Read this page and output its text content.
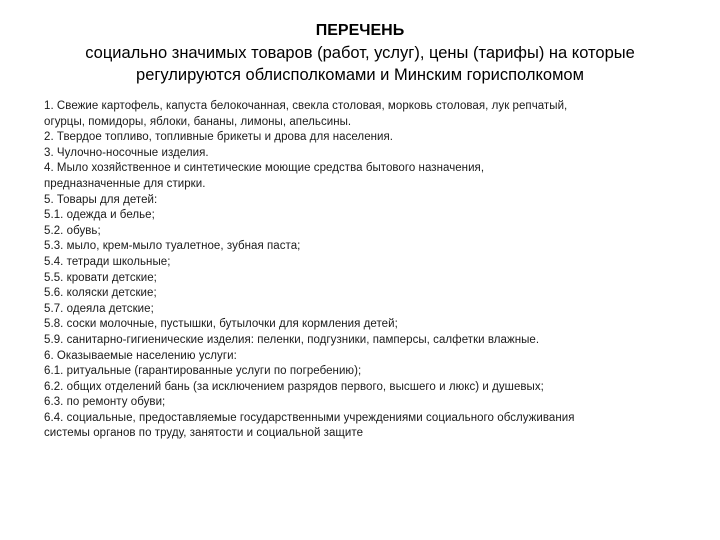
ПЕРЕЧЕНЬ
социально значимых товаров (работ, услуг), цены (тарифы) на которые
регулируются облисполкомами и Минским горисполкомом
1. Свежие картофель, капуста белокочанная, свекла столовая, морковь столовая, лук репчатый,
огурцы, помидоры, яблоки, бананы, лимоны, апельсины.
2. Твердое топливо, топливные брикеты и дрова для населения.
3. Чулочно-носочные изделия.
4. Мыло хозяйственное и синтетические моющие средства бытового назначения,
предназначенные для стирки.
5. Товары для детей:
5.1. одежда и белье;
5.2. обувь;
5.3. мыло, крем-мыло туалетное, зубная паста;
5.4. тетради школьные;
5.5. кровати детские;
5.6. коляски детские;
5.7. одеяла детские;
5.8. соски молочные, пустышки, бутылочки для кормления детей;
5.9. санитарно-гигиенические изделия: пеленки, подгузники, памперсы, салфетки влажные.
6. Оказываемые населению услуги:
6.1. ритуальные (гарантированные услуги по погребению);
6.2. общих отделений бань (за исключением разрядов первого, высшего и люкс) и душевых;
6.3. по ремонту обуви;
6.4. социальные, предоставляемые государственными учреждениями социального обслуживания
системы органов по труду, занятости и социальной защите
